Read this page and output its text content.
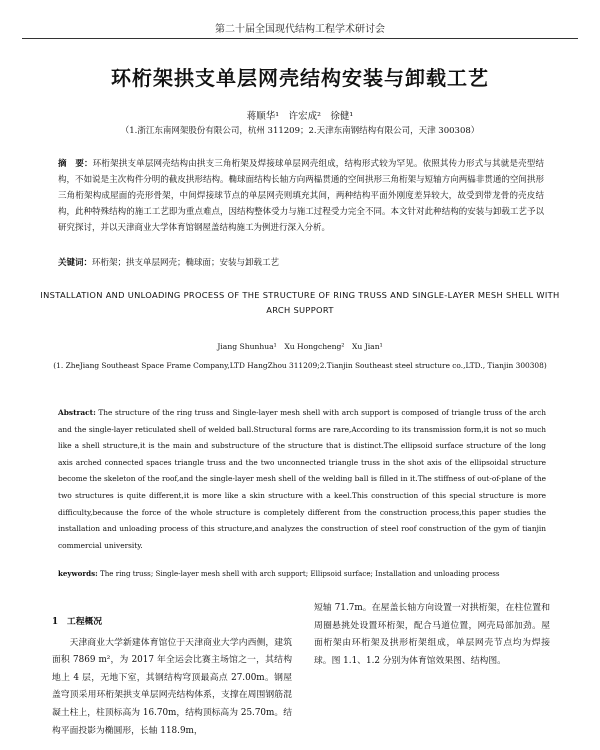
第二十届全国现代结构工程学术研讨会
环桁架拱支单层网壳结构安装与卸载工艺
蒋顺华¹　许宏成²　徐健¹
（1.浙江东南网架股份有限公司，杭州 311209；2.天津东南钢结构有限公司，天津 300308）
摘　要：环桁架拱支单层网壳结构由拱支三角桁架及焊接球单层网壳组成，结构形式较为罕见。依照其传力形式与其就是壳型结构，不如说是主次构件分明的截皮拱形结构。椭球面结构长轴方向两榀贯通的空间拱形三角桁架与短轴方向两榀非贯通的空间拱形三角桁架构成屋面的壳形骨架，中间焊接球节点的单层网壳则填充其间，两种结构平面外刚度差异较大，故受到带龙骨的壳皮结构，此种特殊结构的施工工艺即为重点难点，因结构整体受力与施工过程受力完全不同。本文针对此种结构的安装与卸载工艺予以研究探讨，并以天津商业大学体育馆钢屋盖结构施工为例进行深入分析。
关键词：环桁架；拱支单层网壳；椭球面；安装与卸载工艺
INSTALLATION AND UNLOADING PROCESS OF THE STRUCTURE OF RING TRUSS AND SINGLE-LAYER MESH SHELL WITH ARCH SUPPORT
Jiang Shunhua¹　Xu Hongcheng²　Xu Jian¹
(1. ZheJiang Southeast Space Frame Company,LTD HangZhou 311209;2.Tianjin Southeast steel structure co.,LTD., Tianjin 300308)
Abstract: The structure of the ring truss and Single-layer mesh shell with arch support is composed of triangle truss of the arch and the single-layer reticulated shell of welded ball.Structural forms are rare,According to its transmission form,it is not so much like a shell structure,it is the main and substructure of the structure that is distinct.The ellipsoid surface structure of the long axis arched connected spaces triangle truss and the two unconnected triangle truss in the shot axis of the ellipsoidal structure become the skeleton of the roof,and the single-layer mesh shell of the welding ball is filled in it.The stiffness of out-of-plane of the two structures is quite different,it is more like a skin structure with a keel.This construction of this special structure is more difficulty,because the force of the whole structure is completely different from the construction process,this paper studies the installation and unloading process of this structure,and analyzes the construction of steel roof construction of the gym of tianjin commercial university.
keywords: The ring truss; Single-layer mesh shell with arch support; Ellipsoid surface; Installation and unloading process
1　工程概况

天津商业大学新建体育馆位于天津商业大学内西侧，建筑面积 7869 m²，为 2017 年全运会比赛主场馆之一，其结构地上 4 层，无地下室，其钢结构穹顶最高点 27.00m。钢屋盖穹顶采用环桁架拱支单层网壳结构体系，支撑在周围钢筋混凝土柱上，柱顶标高为 16.70m，结构顶标高为 25.70m。结构平面投影为椭圆形，长轴 118.9m，

短轴 71.7m。在屋盖长轴方向设置一对拱桁架，在柱位置和周圈悬挑处设置环桁架，配合马道位置，网壳局部加劲。屋面桁架由环桁架及拱形桁架组成，单层网壳节点均为焊接球。图 1.1、1.2 分别为体育馆效果图、结构图。
